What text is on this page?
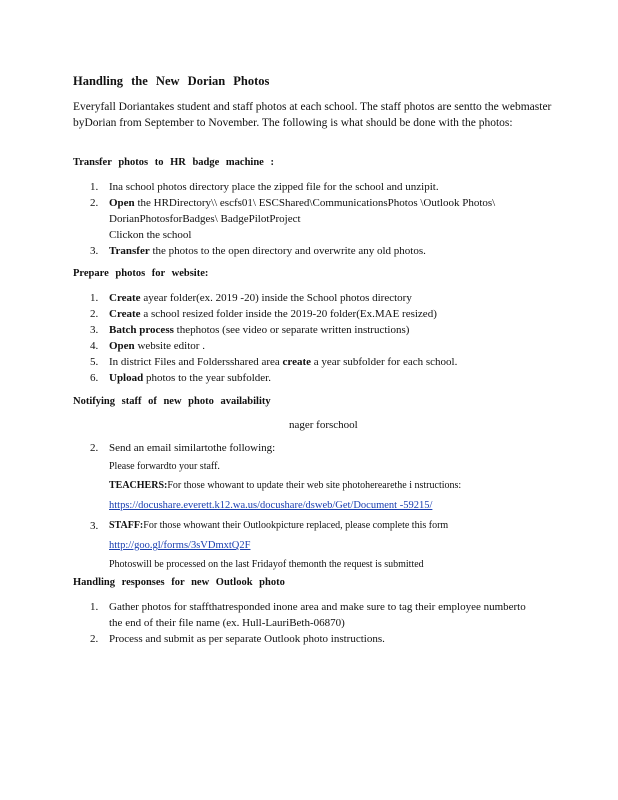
Handling the New Dorian Photos
Everyfall Doriantakes student and staff photos at each school. The staff photos are sentto the webmaster byDorian from September to November. The following is what should be done with the photos:
Transfer photos to HR badge machine :
1. Ina school photos directory place the zipped file for the school and unzipit.
2. Open the HRDirectory\\ escfs01\ ESCShared\CommunicationsPhotos \Outlook Photos\ DorianPhotosforBadges\ BadgePilotProject
Clickon the school
3. Transfer the photos to the open directory and overwrite any old photos.
Prepare photos for website:
1. Create ayear folder(ex. 2019 -20) inside the School photos directory
2. Create a school resized folder inside the 2019-20 folder(Ex.MAE resized)
3. Batch process thephotos (see video or separate written instructions)
4. Open website editor .
5. In district Files and Foldersshared area create a year subfolder for each school.
6. Upload photos to the year subfolder.
Notifying staff of new photo availability
nager forschool
2. Send an email similartothe following:
Please forwardto your staff.
TEACHERS:For those whowant to update their web site photoherearethe i nstructions:
https://docushare.everett.k12.wa.us/docushare/dsweb/Get/Document -59215/
3. STAFF:For those whowant their Outlookpicture replaced, please complete this form
http://goo.gl/forms/3sVDmxtQ2F
Photoswill be processed on the last Fridayof themonth the request is submitted
Handling responses for new Outlook photo
1. Gather photos for staffthatresponded inone area and make sure to tag their employee numberto the end of their file name (ex. Hull-LauriBeth-06870)
2. Process and submit as per separate Outlook photo instructions.
